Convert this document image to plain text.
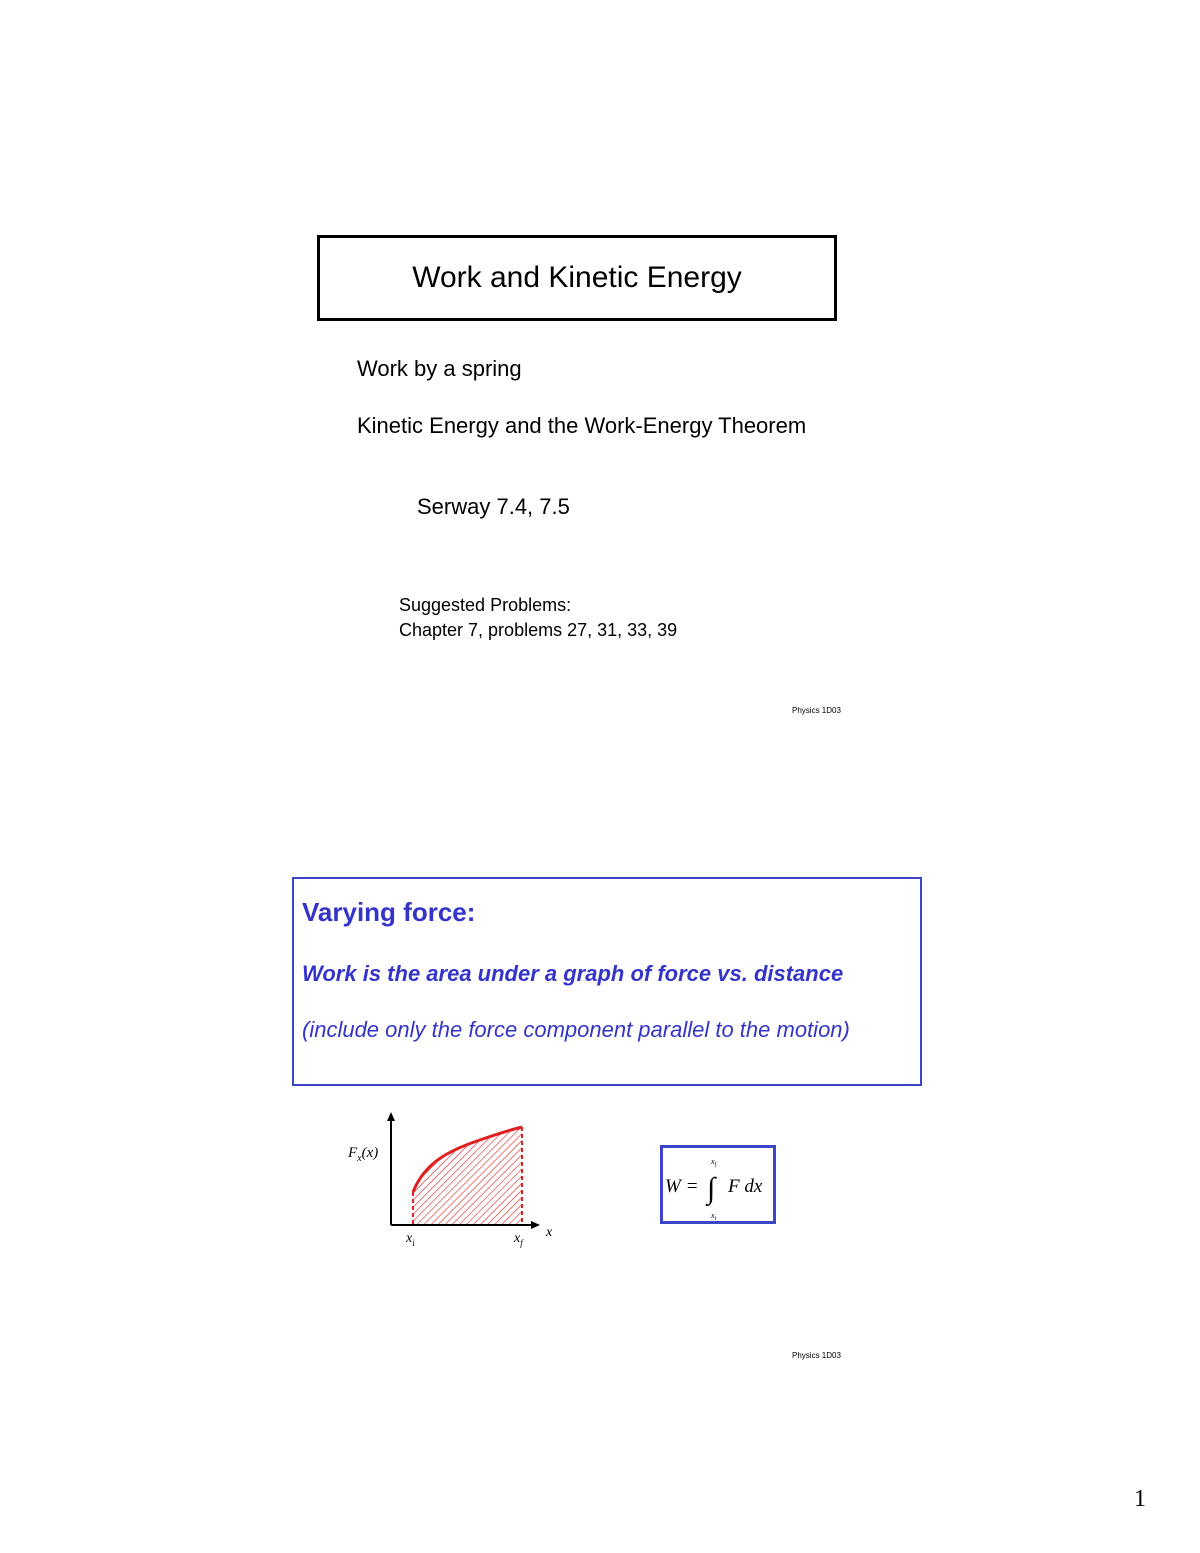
Work and Kinetic Energy
Work by a spring
Kinetic Energy and the Work-Energy Theorem
Serway 7.4, 7.5
Suggested Problems:
Chapter 7, problems 27, 31, 33, 39
Physics 1D03
Varying force:
Work is the area under a graph of force vs. distance
(include only the force component parallel to the motion)
$F_x(x)$
x
$x_i$	$x_f$
W = ∫
$x_f$
$x_i$
F dx
Physics 1D03
1
